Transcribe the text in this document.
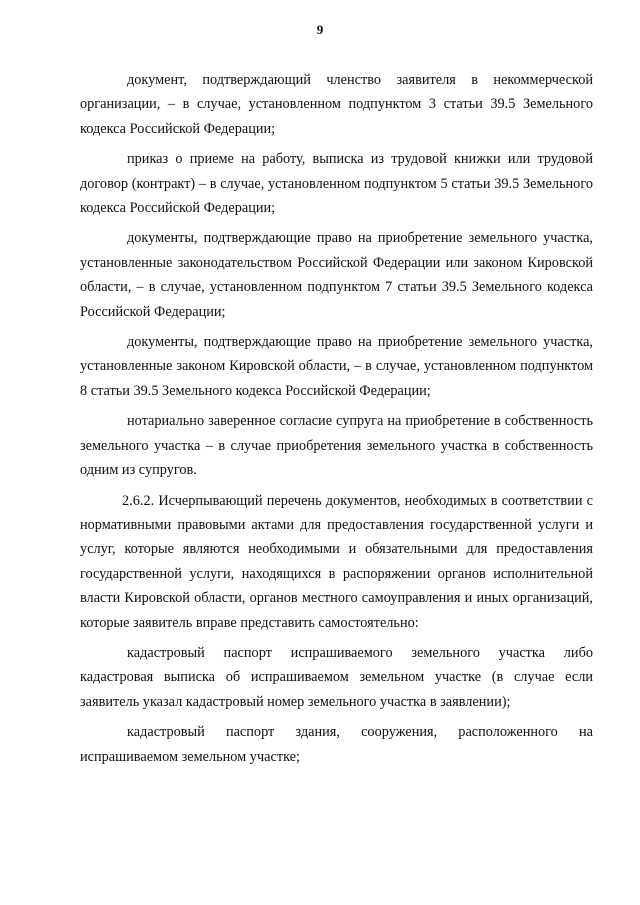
9

документ, подтверждающий членство заявителя в некоммерческой организации, – в случае, установленном подпунктом 3 статьи 39.5 Земельного кодекса Российской Федерации;

приказ о приеме на работу, выписка из трудовой книжки или трудовой договор (контракт) – в случае, установленном подпунктом 5 статьи 39.5 Земельного кодекса Российской Федерации;

документы, подтверждающие право на приобретение земельного участка, установленные законодательством Российской Федерации или законом Кировской области, – в случае, установленном подпунктом 7 статьи 39.5 Земельного кодекса Российской Федерации;

документы, подтверждающие право на приобретение земельного участка, установленные законом Кировской области, – в случае, установленном подпунктом 8 статьи 39.5 Земельного кодекса Российской Федерации;

нотариально заверенное согласие супруга на приобретение в собственность земельного участка – в случае приобретения земельного участка в собственность одним из супругов.

2.6.2. Исчерпывающий перечень документов, необходимых в соответствии с нормативными правовыми актами для предоставления государственной услуги и услуг, которые являются необходимыми и обязательными для предоставления государственной услуги, находящихся в распоряжении органов исполнительной власти Кировской области, органов местного самоуправления и иных организаций, которые заявитель вправе представить самостоятельно:

кадастровый паспорт испрашиваемого земельного участка либо кадастровая выписка об испрашиваемом земельном участке (в случае если заявитель указал кадастровый номер земельного участка в заявлении);

кадастровый паспорт здания, сооружения, расположенного на испрашиваемом земельном участке;
